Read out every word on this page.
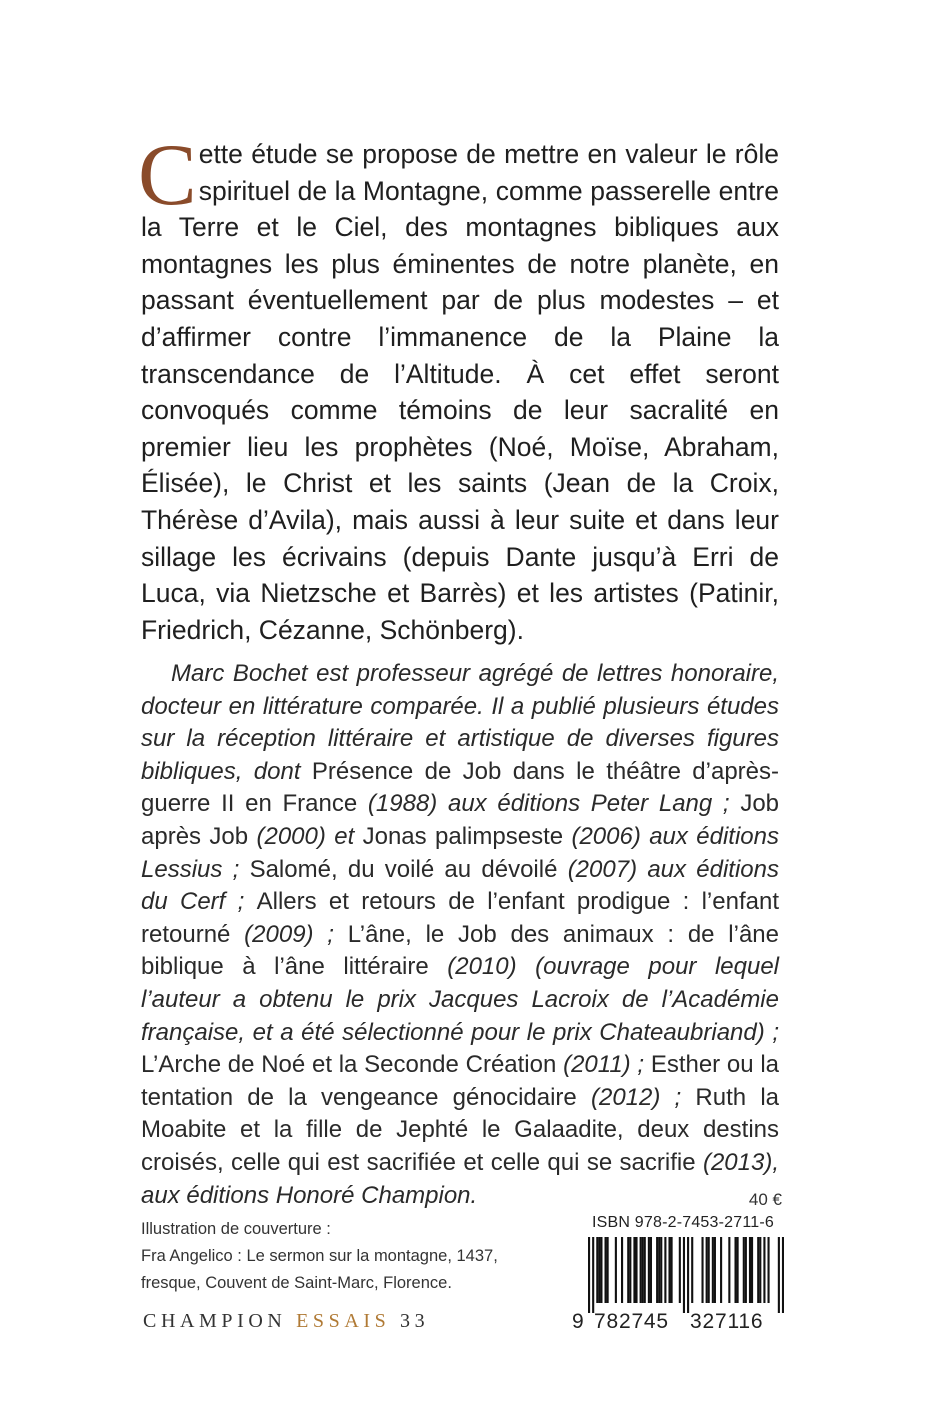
Cette étude se propose de mettre en valeur le rôle spirituel de la Montagne, comme passerelle entre la Terre et le Ciel, des montagnes bibliques aux montagnes les plus éminentes de notre planète, en passant éventuellement par de plus modestes – et d’affirmer contre l’immanence de la Plaine la transcendance de l’Altitude. À cet effet seront convoqués comme témoins de leur sacralité en premier lieu les prophètes (Noé, Moïse, Abraham, Élisée), le Christ et les saints (Jean de la Croix, Thérèse d’Avila), mais aussi à leur suite et dans leur sillage les écrivains (depuis Dante jusqu’à Erri de Luca, via Nietzsche et Barrès) et les artistes (Patinir, Friedrich, Cézanne, Schönberg).

Marc Bochet est professeur agrégé de lettres honoraire, docteur en littérature comparée. Il a publié plusieurs études sur la réception littéraire et artistique de diverses figures bibliques, dont Présence de Job dans le théâtre d’après-guerre II en France (1988) aux éditions Peter Lang ; Job après Job (2000) et Jonas palimpseste (2006) aux éditions Lessius ; Salomé, du voilé au dévoilé (2007) aux éditions du Cerf ; Allers et retours de l’enfant prodigue : l’enfant retourné (2009) ; L’âne, le Job des animaux : de l’âne biblique à l’âne littéraire (2010) (ouvrage pour lequel l’auteur a obtenu le prix Jacques Lacroix de l’Académie française, et a été sélectionné pour le prix Chateaubriand) ; L’Arche de Noé et la Seconde Création (2011) ; Esther ou la tentation de la vengeance génocidaire (2012) ; Ruth la Moabite et la fille de Jephté le Galaadite, deux destins croisés, celle qui est sacrifiée et celle qui se sacrifie (2013), aux éditions Honoré Champion.	40 €
ISBN 978-2-7453-2711-6
9 782745 327116
Illustration de couverture :
Fra Angelico : Le sermon sur la montagne, 1437,
fresque, Couvent de Saint-Marc, Florence.
CHAMPION ESSAIS 33
